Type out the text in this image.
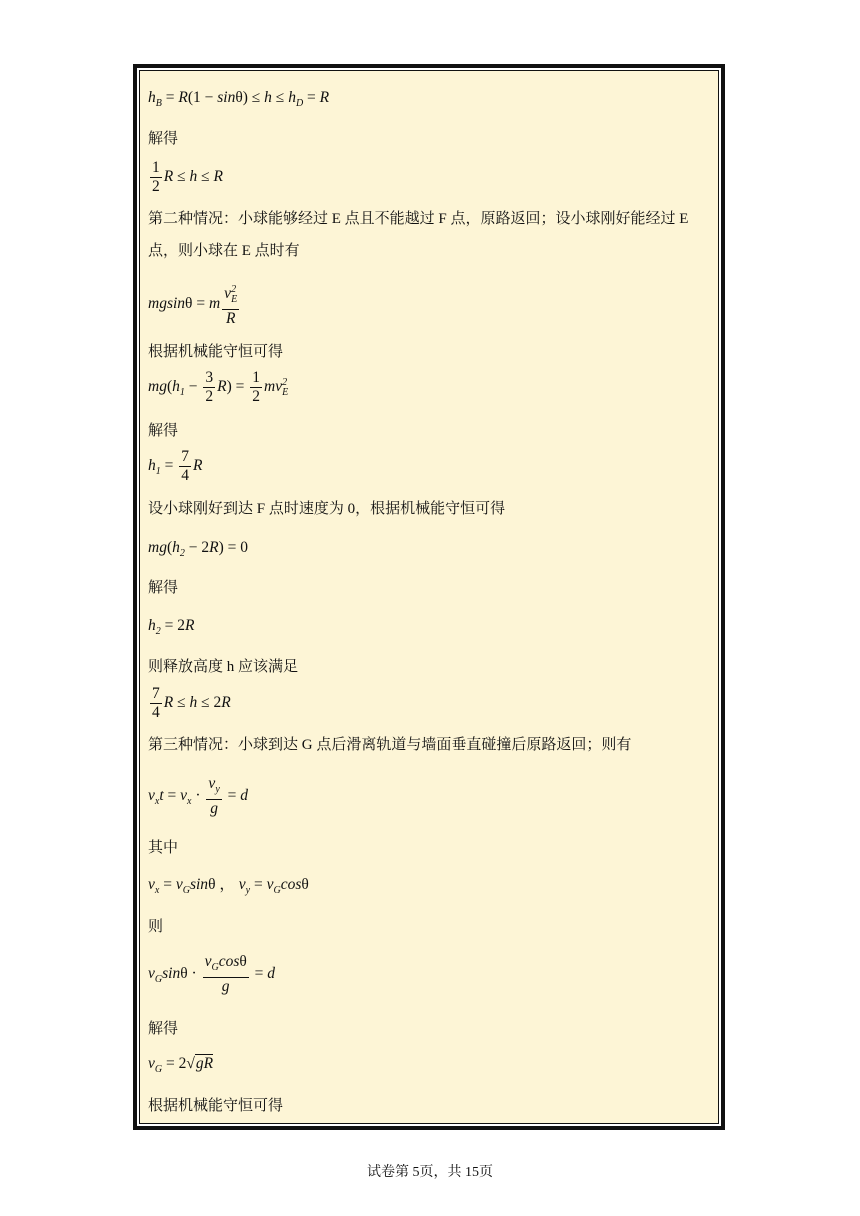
$h_B = R(1 - \sin\theta) \le h \le h_D = R$
解得
$\frac{1}{2}$ R ≤ h ≤ R
第二种情况：小球能够经过 E 点且不能越过 F 点，原路返回；设小球刚好能经过 E
点，则小球在 E 点时有
mgsinθ = m $\frac{v^2_E}{R}$
根据机械能守恒可得
$mg(h_1 - \frac{3}{2} R) = \frac{1}{2} mv^2_E$
解得
$h_1 = \frac{7}{4}$ R
设小球刚好到达 F 点时速度为 0，根据机械能守恒可得
$mg(h_2 - 2R) = 0$
解得
$h_2 = 2R$
则释放高度 h 应该满足
$\frac{7}{4}$ R ≤ h ≤ 2R
第三种情况：小球到达 G 点后滑离轨道与墙面垂直碰撞后原路返回；则有
$v_xt = v_x \cdot \frac{v_y}{g} = d$
其中
$v_x = v_G\sin\theta$ ， $v_y = v_G\cos\theta$
则
$v_G\sin\theta \cdot \frac{v_G\cos\theta}{g} = d$
解得
$v_G = 2√gR$
根据机械能守恒可得
试卷第 5页，共 15页
